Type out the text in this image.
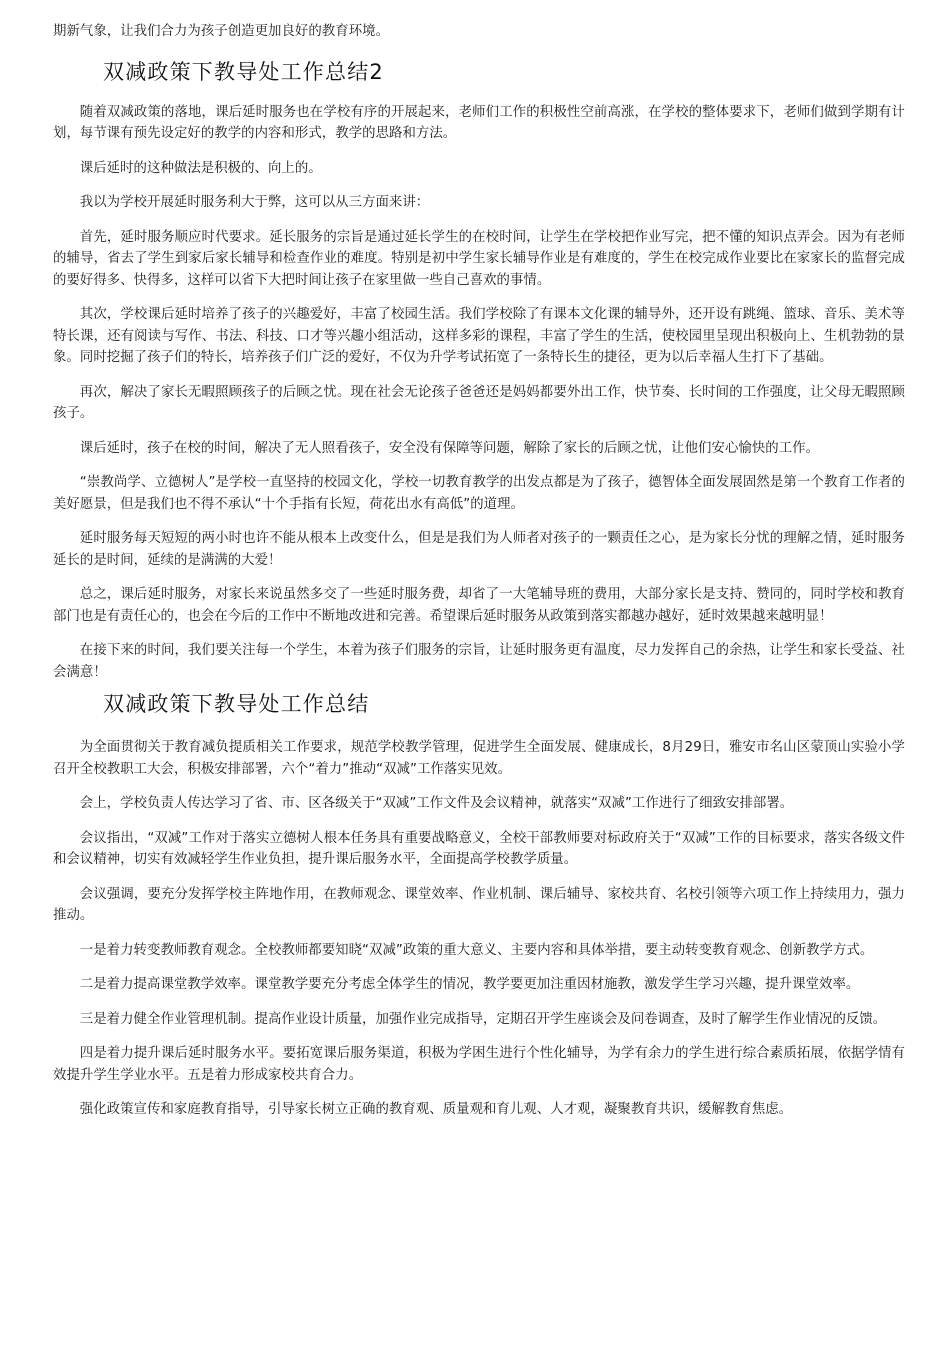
期新气象，让我们合力为孩子创造更加良好的教育环境。

双减政策下教导处工作总结2

随着双减政策的落地，课后延时服务也在学校有序的开展起来，老师们工作的积极性空前高涨，在学校的整体要求下，老师们做到学期有计划，每节课有预先设定好的教学的内容和形式，教学的思路和方法。

课后延时的这种做法是积极的、向上的。

我以为学校开展延时服务利大于弊，这可以从三方面来讲：

首先，延时服务顺应时代要求。延长服务的宗旨是通过延长学生的在校时间，让学生在学校把作业写完，把不懂的知识点弄会。因为有老师的辅导，省去了学生到家后家长辅导和检查作业的难度。特别是初中学生家长辅导作业是有难度的，学生在校完成作业要比在家家长的监督完成的要好得多、快得多，这样可以省下大把时间让孩子在家里做一些自己喜欢的事情。

其次，学校课后延时培养了孩子的兴趣爱好，丰富了校园生活。我们学校除了有课本文化课的辅导外，还开设有跳绳、篮球、音乐、美术等特长课，还有阅读与写作、书法、科技、口才等兴趣小组活动，这样多彩的课程，丰富了学生的生活，使校园里呈现出积极向上、生机勃勃的景象。同时挖掘了孩子们的特长，培养孩子们广泛的爱好，不仅为升学考试拓宽了一条特长生的捷径，更为以后幸福人生打下了基础。

再次，解决了家长无暇照顾孩子的后顾之忧。现在社会无论孩子爸爸还是妈妈都要外出工作，快节奏、长时间的工作强度，让父母无暇照顾孩子。

课后延时，孩子在校的时间，解决了无人照看孩子，安全没有保障等问题，解除了家长的后顾之忧，让他们安心愉快的工作。

“崇教尚学、立德树人”是学校一直坚持的校园文化，学校一切教育教学的出发点都是为了孩子，德智体全面发展固然是第一个教育工作者的美好愿景，但是我们也不得不承认“十个手指有长短，荷花出水有高低”的道理。

延时服务每天短短的两小时也许不能从根本上改变什么，但是是我们为人师者对孩子的一颗责任之心，是为家长分忧的理解之情，延时服务延长的是时间，延续的是满满的大爱！

总之，课后延时服务，对家长来说虽然多交了一些延时服务费，却省了一大笔辅导班的费用，大部分家长是支持、赞同的，同时学校和教育部门也是有责任心的，也会在今后的工作中不断地改进和完善。希望课后延时服务从政策到落实都越办越好，延时效果越来越明显！

在接下来的时间，我们要关注每一个学生，本着为孩子们服务的宗旨，让延时服务更有温度，尽力发挥自己的余热，让学生和家长受益、社会满意！

双减政策下教导处工作总结

为全面贯彻关于教育减负提质相关工作要求，规范学校教学管理，促进学生全面发展、健康成长，8月29日，雅安市名山区蒙顶山实验小学召开全校教职工大会，积极安排部署，六个“着力”推动“双减”工作落实见效。

会上，学校负责人传达学习了省、市、区各级关于“双减”工作文件及会议精神，就落实“双减”工作进行了细致安排部署。

会议指出，“双减”工作对于落实立德树人根本任务具有重要战略意义，全校干部教师要对标政府关于“双减”工作的目标要求，落实各级文件和会议精神，切实有效减轻学生作业负担，提升课后服务水平，全面提高学校教学质量。

会议强调，要充分发挥学校主阵地作用，在教师观念、课堂效率、作业机制、课后辅导、家校共育、名校引领等六项工作上持续用力，强力推动。

一是着力转变教师教育观念。全校教师都要知晓“双减”政策的重大意义、主要内容和具体举措，要主动转变教育观念、创新教学方式。

二是着力提高课堂教学效率。课堂教学要充分考虑全体学生的情况，教学要更加注重因材施教，激发学生学习兴趣，提升课堂效率。

三是着力健全作业管理机制。提高作业设计质量，加强作业完成指导，定期召开学生座谈会及问卷调查，及时了解学生作业情况的反馈。

四是着力提升课后延时服务水平。要拓宽课后服务渠道，积极为学困生进行个性化辅导，为学有余力的学生进行综合素质拓展，依据学情有效提升学生学业水平。五是着力形成家校共育合力。

强化政策宣传和家庭教育指导，引导家长树立正确的教育观、质量观和育儿观、人才观，凝聚教育共识，缓解教育焦虑。
